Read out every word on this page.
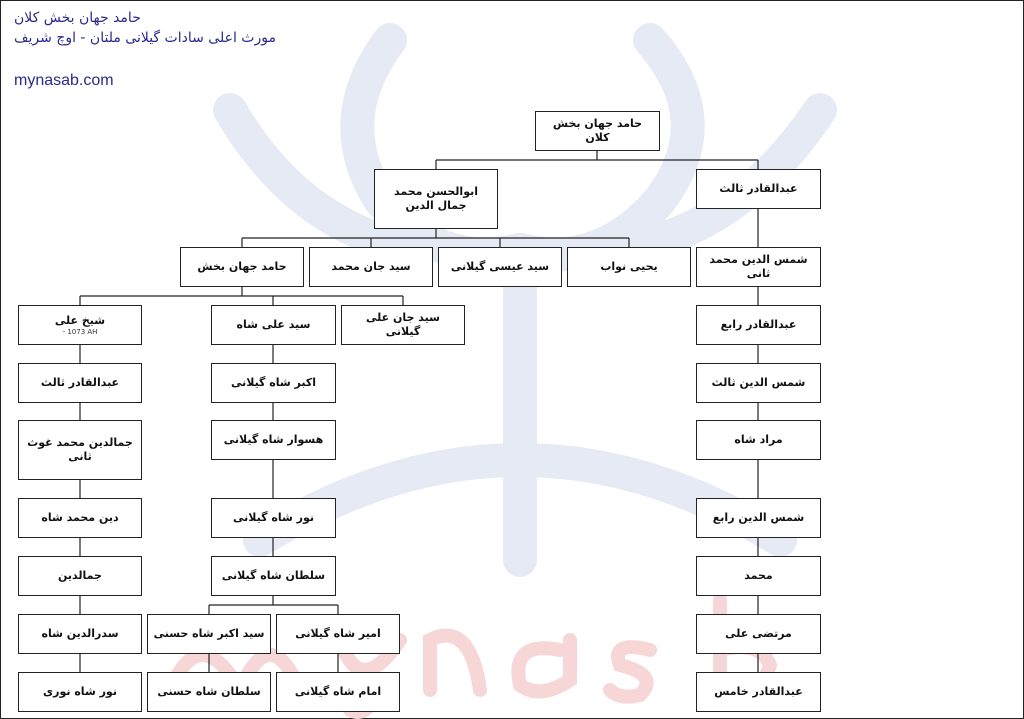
حامد جهان بخش کلان
مورث اعلی سادات گیلانی ملتان - اوچ شریف
mynasab.com
حامد جهان بخش کلان
عبدالقادر ثالث
ابوالحسن محمد جمال الدین
حامد جهان بخش	سید جان محمد	سید عیسی گیلانی	یحیی نواب
شمس الدین محمد ثانی
شیخ علی
- 1073 AH
سید علی شاه
سید جان علی گیلانی
عبدالقادر رابع
عبدالقادر ثالث	اکبر شاه گیلانی	شمس الدین ثالث
جمالدین محمد غوث ثانی
هسوار شاه گیلانی	مراد شاه
دین محمد شاه	نور شاه گیلانی	شمس الدین رابع
جمالدین	سلطان شاه گیلانی	محمد
سدرالدین شاه	سید اکبر شاه حسنی	امیر شاه گیلانی	مرتضی علی
نور شاه نوری	سلطان شاه حسنی	امام شاه گیلانی	عبدالقادر خامس
